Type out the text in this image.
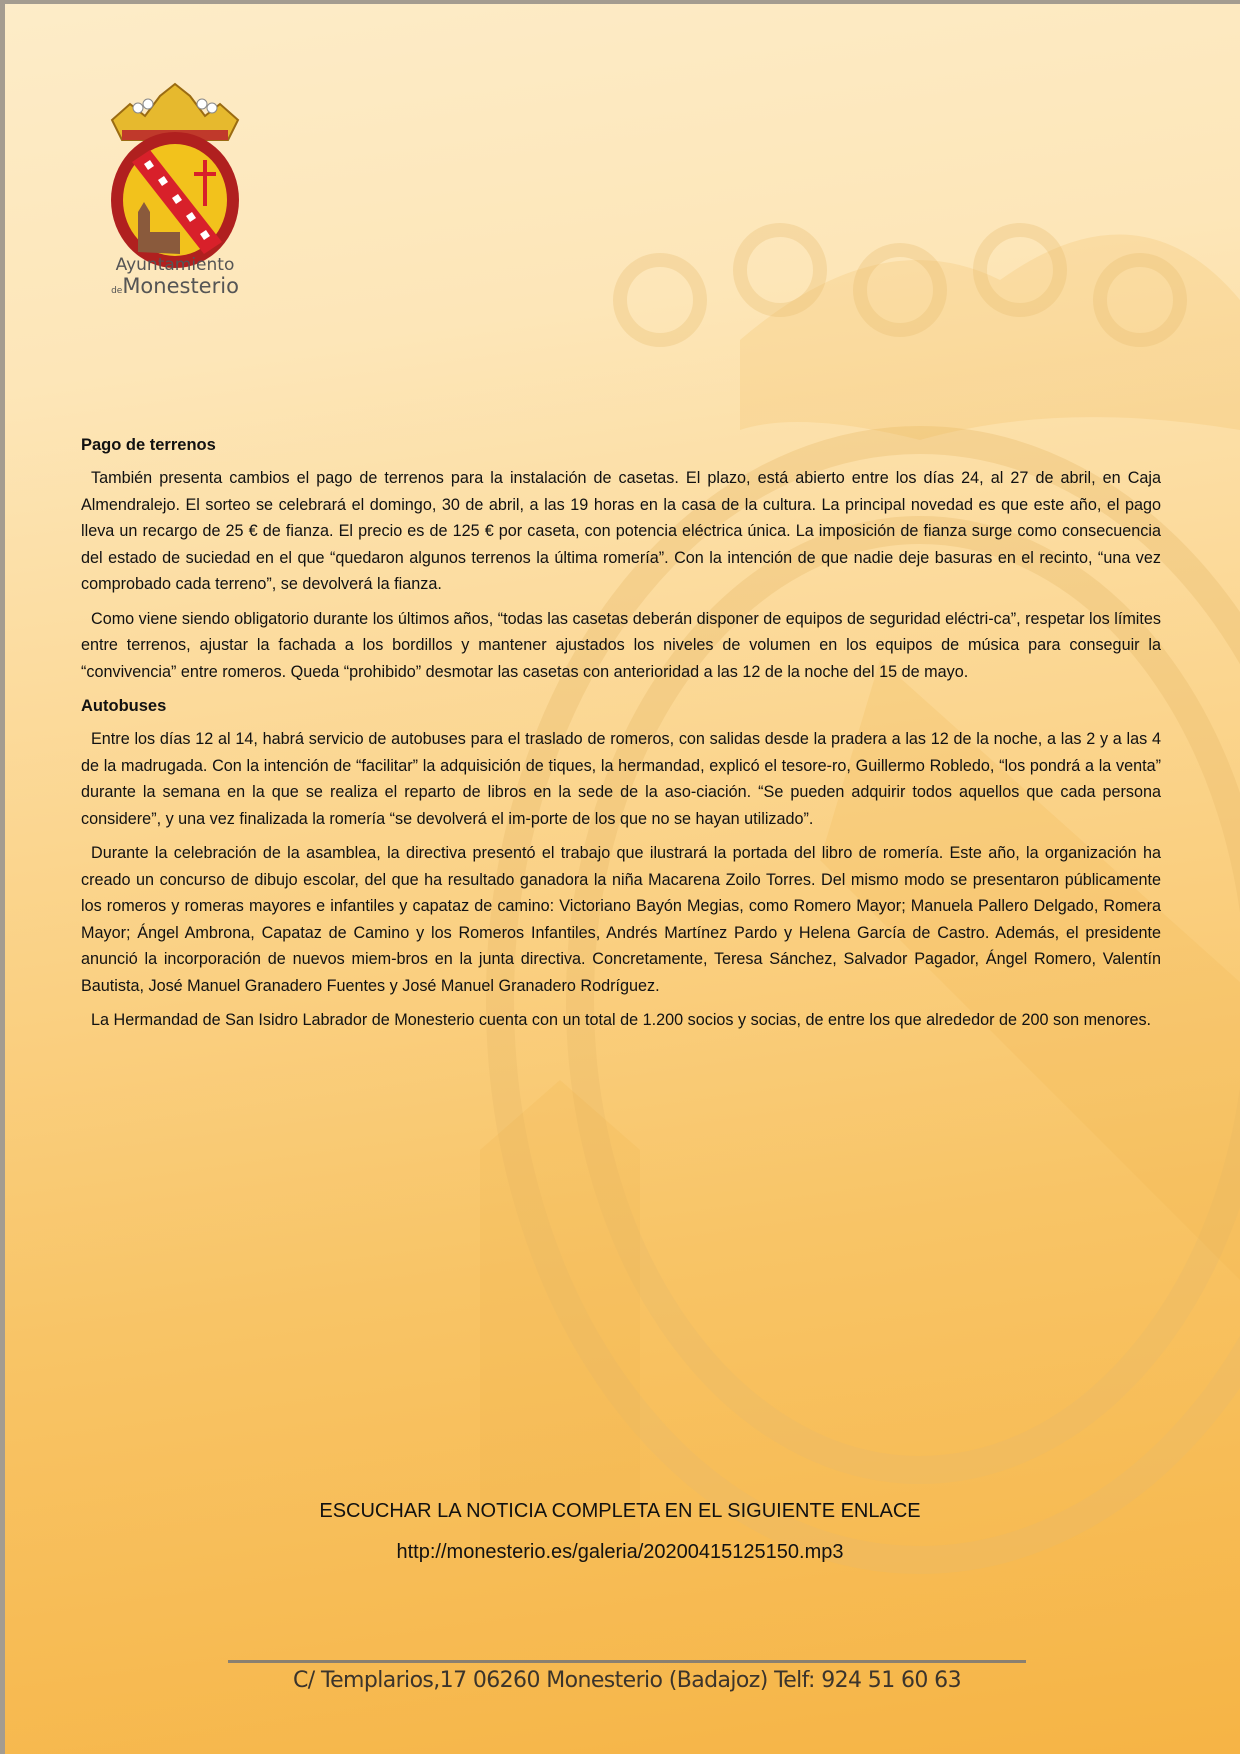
Ayuntamiento
deMonesterio
Pago de terrenos

También presenta cambios el pago de terrenos para la instalación de casetas. El plazo, está abierto entre los días 24, al 27 de abril, en Caja Almendralejo. El sorteo se celebrará el domingo, 30 de abril, a las 19 horas en la casa de la cultura. La principal novedad es que este año, el pago lleva un recargo de 25 € de fianza. El precio es de 125 € por caseta, con potencia eléctrica única. La imposición de fianza surge como consecuencia del estado de suciedad en el que “quedaron algunos terrenos la última romería”. Con la intención de que nadie deje basuras en el recinto, “una vez comprobado cada terreno”, se devolverá la fianza.

Como viene siendo obligatorio durante los últimos años, “todas las casetas deberán disponer de equipos de seguridad eléctri-ca”, respetar los límites entre terrenos, ajustar la fachada a los bordillos y mantener ajustados los niveles de volumen en los equipos de música para conseguir la “convivencia” entre romeros. Queda “prohibido” desmotar las casetas con anterioridad a las 12 de la noche del 15 de mayo.

Autobuses

Entre los días 12 al 14, habrá servicio de autobuses para el traslado de romeros, con salidas desde la pradera a las 12 de la noche, a las 2 y a las 4 de la madrugada. Con la intención de “facilitar” la adquisición de tiques, la hermandad, explicó el tesore-ro, Guillermo Robledo, “los pondrá a la venta” durante la semana en la que se realiza el reparto de libros en la sede de la aso-ciación. “Se pueden adquirir todos aquellos que cada persona considere”, y una vez finalizada la romería “se devolverá el im-porte de los que no se hayan utilizado”.

Durante la celebración de la asamblea, la directiva presentó el trabajo que ilustrará la portada del libro de romería. Este año, la organización ha creado un concurso de dibujo escolar, del que ha resultado ganadora la niña Macarena Zoilo Torres. Del mismo modo se presentaron públicamente los romeros y romeras mayores e infantiles y capataz de camino: Victoriano Bayón Megias, como Romero Mayor; Manuela Pallero Delgado, Romera Mayor; Ángel Ambrona, Capataz de Camino y los Romeros Infantiles, Andrés Martínez Pardo y Helena García de Castro. Además, el presidente anunció la incorporación de nuevos miem-bros en la junta directiva. Concretamente, Teresa Sánchez, Salvador Pagador, Ángel Romero, Valentín Bautista, José Manuel Granadero Fuentes y José Manuel Granadero Rodríguez.

La Hermandad de San Isidro Labrador de Monesterio cuenta con un total de 1.200 socios y socias, de entre los que alrededor de 200 son menores.

ESCUCHAR LA NOTICIA COMPLETA EN EL SIGUIENTE ENLACE
http://monesterio.es/galeria/20200415125150.mp3
C/ Templarios,17 06260 Monesterio (Badajoz) Telf: 924 51 60 63
